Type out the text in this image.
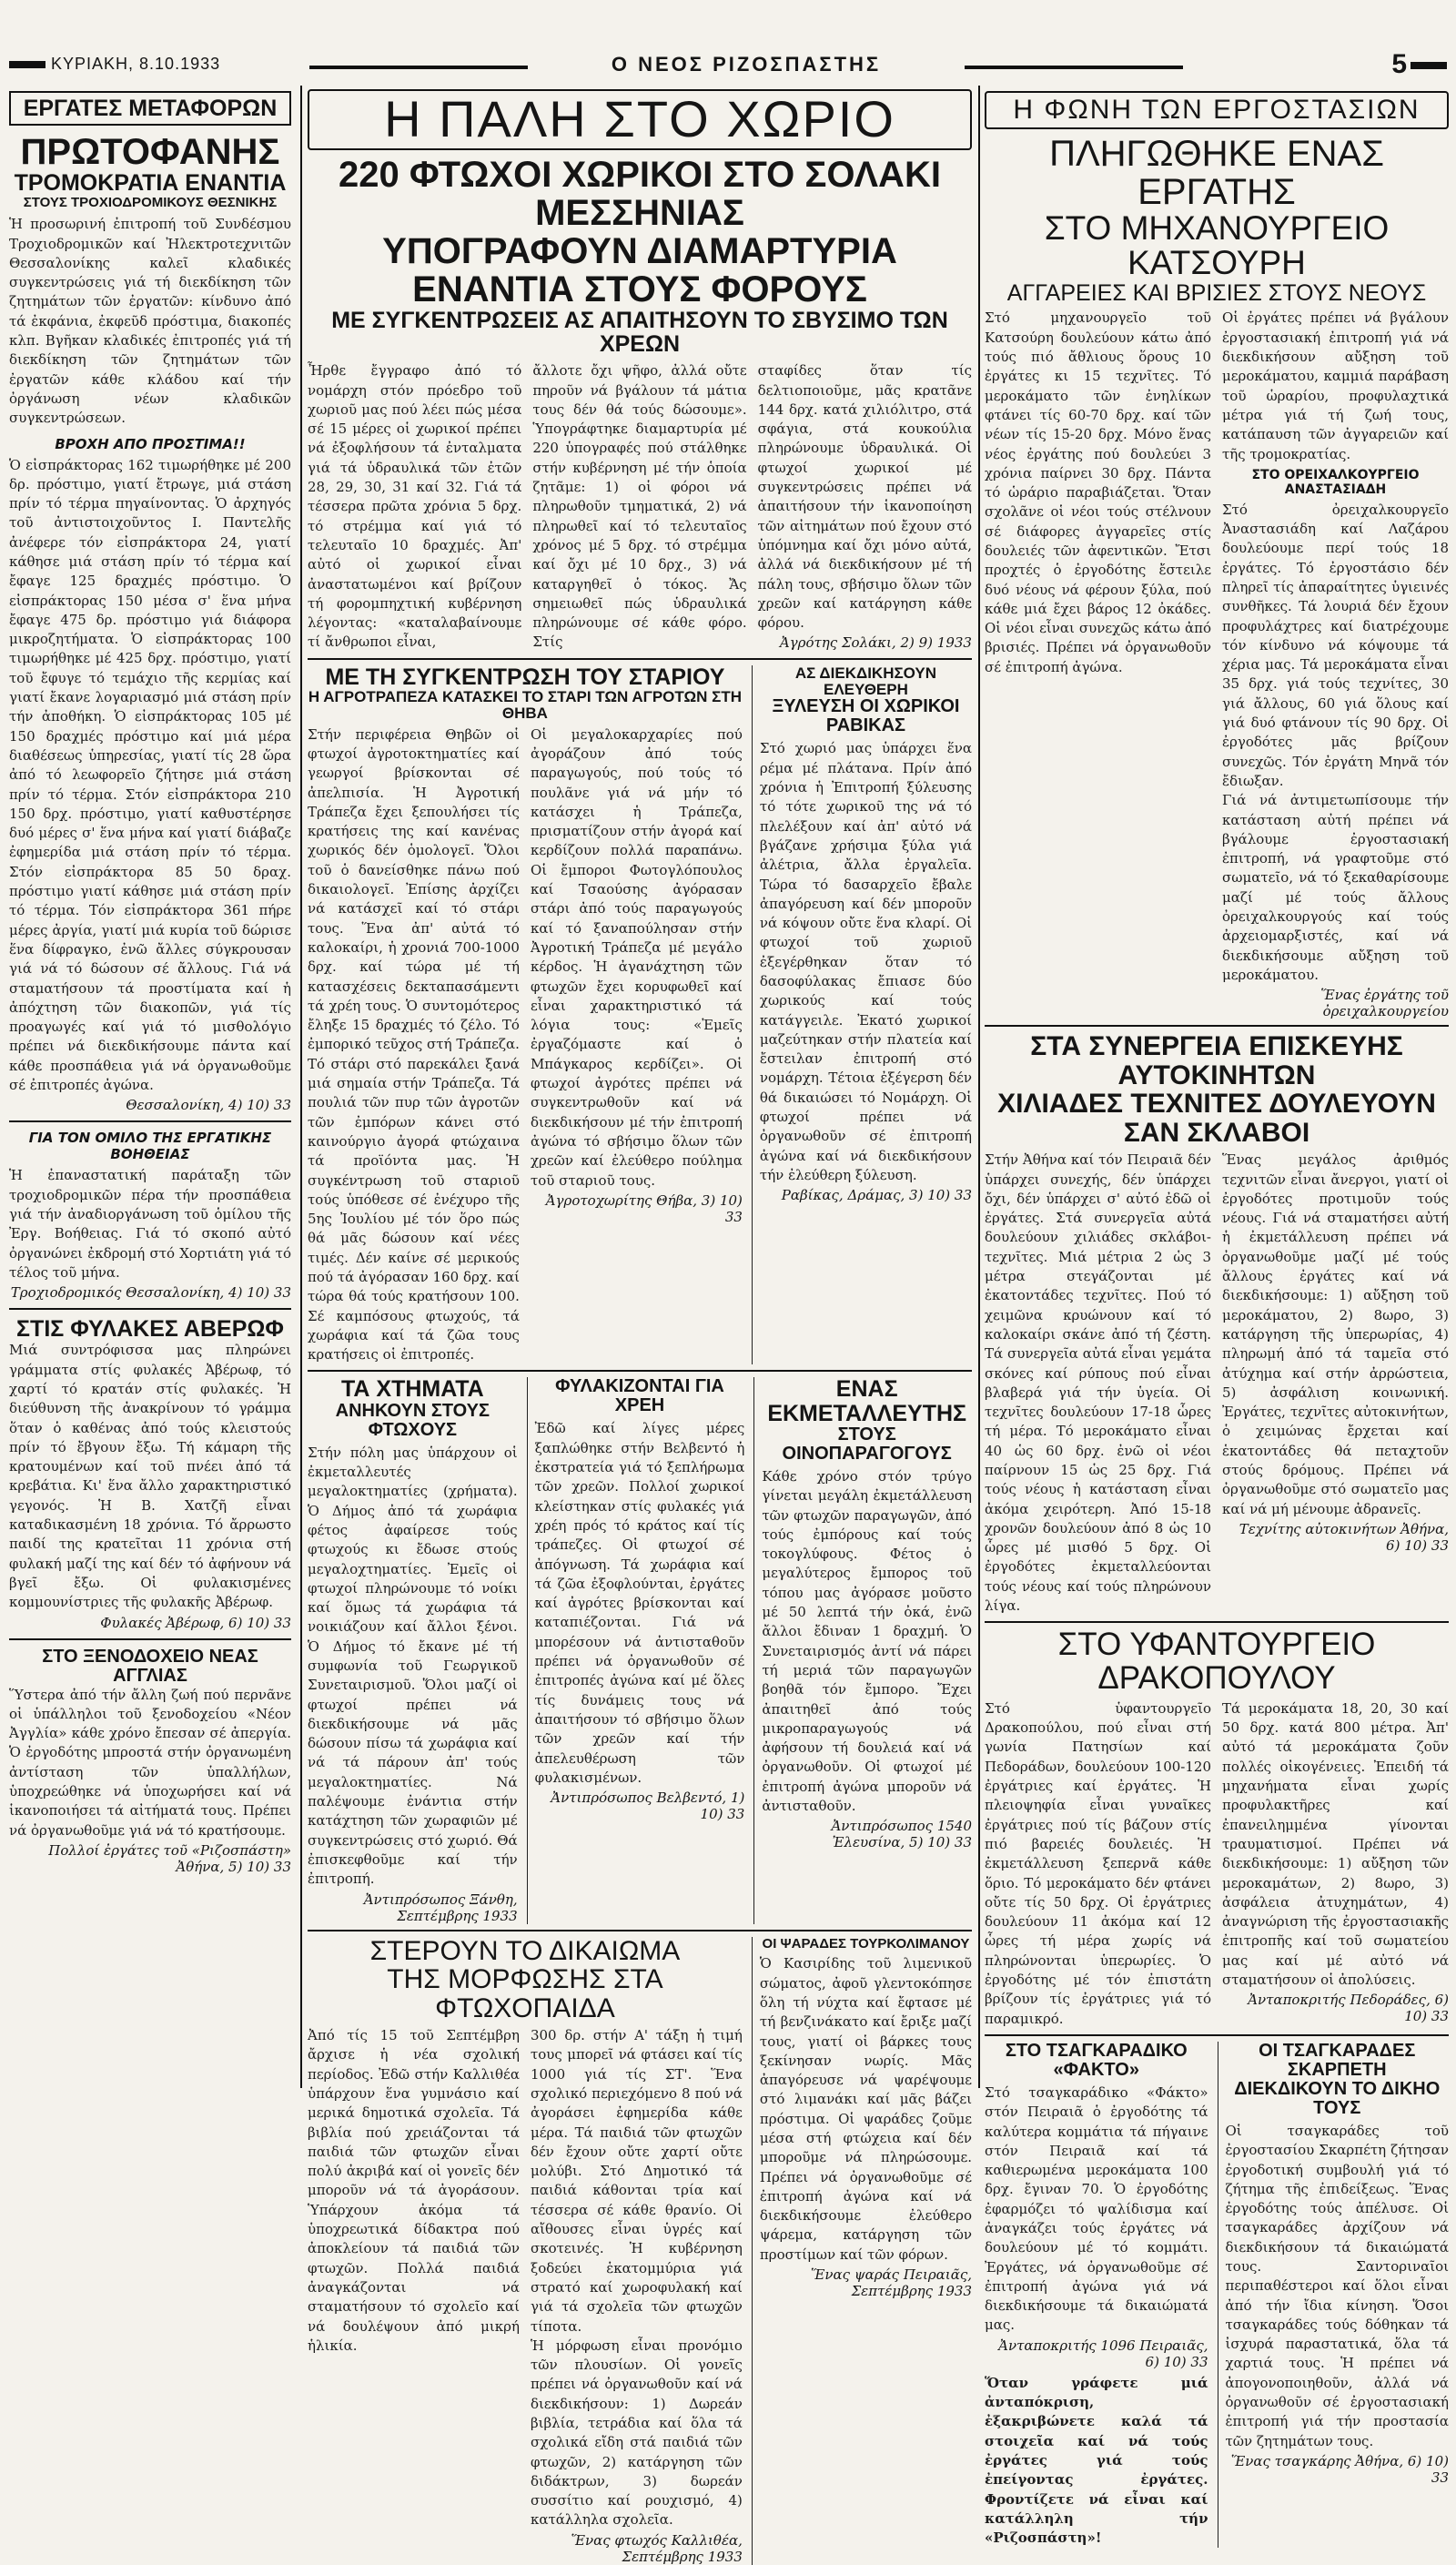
ΚΥΡΙΑΚΗ, 8.10.1933	Ο ΝΕΟΣ ΡΙΖΟΣΠΑΣΤΗΣ	5

ΕΡΓΑΤΕΣ ΜΕΤΑΦΟΡΩΝ

ΠΡΩΤΟΦΑΝΗΣ

ΤΡΟΜΟΚΡΑΤΙΑ ΕΝΑΝΤΙΑ

ΣΤΟΥΣ ΤΡΟΧΙΟΔΡΟΜΙΚΟΥΣ ΘΕΣΝΙΚΗΣ

Ἡ προσωρινή ἐπιτροπή τοῦ Συνδέσμου Τροχιοδρομικῶν καί Ἠλεκτροτεχνιτῶν Θεσσαλονίκης καλεῖ κλαδικές συγκεντρώσεις γιά τή διεκδίκηση τῶν ζητημάτων τῶν ἐργατῶν: κίνδυνο ἀπό τά ἐκφάνια, ἐκφεῦδ πρόστιμα, διακοπές κλπ. Βγῆκαν κλαδικές ἐπιτροπές γιά τή διεκδίκηση τῶν ζητημάτων τῶν ἐργατῶν κάθε κλάδου καί τήν ὀργάνωση νέων κλαδικῶν συγκεντρώσεων.

ΒΡΟΧΗ ΑΠΟ ΠΡΟΣΤΙΜΑ!!

Ὁ εἰσπράκτορας 162 τιμωρήθηκε μέ 200 δρ. πρόστιμο, γιατί ἔτρωγε, μιά στάση πρίν τό τέρμα πηγαίνοντας. Ὁ ἀρχηγός τοῦ ἀντιστοιχοῦντος Ι. Παντελῆς ἀνέφερε τόν εἰσπράκτορα 24, γιατί κάθησε μιά στάση πρίν τό τέρμα καί ἔφαγε 125 δραχμές πρόστιμο. Ὁ εἰσπράκτορας 150 μέσα σ' ἕνα μήνα ἔφαγε 475 δρ. πρόστιμο γιά διάφορα μικροζητήματα. Ὁ εἰσπράκτορας 100 τιμωρήθηκε μέ 425 δρχ. πρόστιμο, γιατί τοῦ ἔφυγε τό τεμάχιο τῆς κερμίας καί γιατί ἔκανε λογαριασμό μιά στάση πρίν τήν ἀποθήκη. Ὁ εἰσπράκτορας 105 μέ 150 δραχμές πρόστιμο καί μιά μέρα διαθέσεως ὑπηρεσίας, γιατί τίς 28 ὥρα ἀπό τό λεωφορεῖο ζήτησε μιά στάση πρίν τό τέρμα. Στόν εἰσπράκτορα 210 150 δρχ. πρόστιμο, γιατί καθυστέρησε δυό μέρες σ' ἕνα μήνα καί γιατί διάβαζε ἐφημερίδα μιά στάση πρίν τό τέρμα. Στόν εἰσπράκτορα 85 50 δραχ. πρόστιμο γιατί κάθησε μιά στάση πρίν τό τέρμα. Τόν εἰσπράκτορα 361 πήρε μέρες ἀργία, γιατί μιά κυρία τοῦ δώρισε ἕνα δίφραγκο, ἐνῶ ἄλλες σύγκρουσαν γιά νά τό δώσουν σέ ἄλλους. Γιά νά σταματήσουν τά προστίματα καί ἡ ἀπόχτηση τῶν διακοπῶν, γιά τίς προαγωγές καί γιά τό μισθολόγιο πρέπει νά διεκδικήσουμε πάντα καί κάθε προσπάθεια γιά νά ὀργανωθοῦμε σέ ἐπιτροπές ἀγώνα.

Θεσσαλονίκη, 4) 10) 33

ΓΙΑ ΤΟΝ ΟΜΙΛΟ ΤΗΣ ΕΡΓΑΤΙΚΗΣ ΒΟΗΘΕΙΑΣ

Ἡ ἐπαναστατική παράταξη τῶν τροχιοδρομικῶν πέρα τήν προσπάθεια γιά τήν ἀναδιοργάνωση τοῦ ὁμίλου τῆς Ἐργ. Βοήθειας. Γιά τό σκοπό αὐτό ὀργανώνει ἐκδρομή στό Χορτιάτη γιά τό τέλος τοῦ μήνα.

Τροχιοδρομικός Θεσσαλονίκη, 4) 10) 33

ΣΤΙΣ ΦΥΛΑΚΕΣ ΑΒΕΡΩΦ

Μιά συντρόφισσα μας πληρώνει γράμματα στίς φυλακές Ἀβέρωφ, τό χαρτί τό κρατάν στίς φυλακές. Ἡ διεύθυνση τῆς ἀνακρίνουν τό γράμμα ὅταν ὁ καθένας ἀπό τούς κλειστούς πρίν τό ἔβγουν ἔξω. Τή κάμαρη τῆς κρατουμένων καί τοῦ πνέει ἀπό τά κρεβάτια. Κι' ἕνα ἄλλο χαρακτηριστικό γεγονός. Ἡ Β. Χατζῆ εἶναι καταδικασμένη 18 χρόνια. Τό ἄρρωστο παιδί της κρατεῖται 11 χρόνια στή φυλακή μαζί της καί δέν τό ἀφήνουν νά βγεῖ ἔξω. Οἱ φυλακισμένες κομμουνίστριες τῆς φυλακῆς Ἀβέρωφ.

Φυλακές Ἀβέρωφ, 6) 10) 33

ΣΤΟ ΞΕΝΟΔΟΧΕΙΟ ΝΕΑΣ ΑΓΓΛΙΑΣ

Ὕστερα ἀπό τήν ἄλλη ζωή πού περνᾶνε οἱ ὑπάλληλοι τοῦ ξενοδοχείου «Νέον Ἀγγλία» κάθε χρόνο ἔπεσαν σέ ἀπεργία. Ὁ ἐργοδότης μπροστά στήν ὀργανωμένη ἀντίσταση τῶν ὑπαλλήλων, ὑποχρεώθηκε νά ὑποχωρήσει καί νά ἱκανοποιήσει τά αἰτήματά τους. Πρέπει νά ὀργανωθοῦμε γιά νά τό κρατήσουμε.

Πολλοί ἐργάτες τοῦ «Ριζοσπάστη» Ἀθήνα, 5) 10) 33

Η ΠΑΛΗ ΣΤΟ ΧΩΡΙΟ

220 ΦΤΩΧΟΙ ΧΩΡΙΚΟΙ ΣΤΟ ΣΟΛΑΚΙ ΜΕΣΣΗΝΙΑΣ

ΥΠΟΓΡΑΦΟΥΝ ΔΙΑΜΑΡΤΥΡΙΑ ΕΝΑΝΤΙΑ ΣΤΟΥΣ ΦΟΡΟΥΣ

ΜΕ ΣΥΓΚΕΝΤΡΩΣΕΙΣ ΑΣ ΑΠΑΙΤΗΣΟΥΝ ΤΟ ΣΒΥΣΙΜΟ ΤΩΝ ΧΡΕΩΝ

Ἦρθε ἔγγραφο ἀπό τό νομάρχη στόν πρόεδρο τοῦ χωριοῦ μας πού λέει πώς μέσα σέ 15 μέρες οἱ χωρικοί πρέπει νά ἐξοφλήσουν τά ἐνταλματα γιά τά ὑδραυλικά τῶν ἐτῶν 28, 29, 30, 31 καί 32. Γιά τά τέσσερα πρῶτα χρόνια 5 δρχ. τό στρέμμα καί γιά τό τελευταῖο 10 δραχμές. Ἀπ' αὐτό οἱ χωρικοί εἶναι ἀναστατωμένοι καί βρίζουν τή φορομπηχτική κυβέρνηση λέγοντας: «καταλαβαίνουμε τί ἄνθρωποι εἶναι,

ἄλλοτε ὄχι ψῆφο, ἀλλά οὔτε πηροῦν νά βγάλουν τά μάτια τους δέν θά τούς δώσουμε». Ὑπογράφτηκε διαμαρτυρία μέ 220 ὑπογραφές πού στάλθηκε στήν κυβέρνηση μέ τήν ὁποία ζητᾶμε: 1) οἱ φόροι νά πληρωθοῦν τμηματικά, 2) νά πληρωθεῖ καί τό τελευταῖος χρόνος μέ 5 δρχ. τό στρέμμα καί ὄχι μέ 10 δρχ., 3) νά καταργηθεῖ ὁ τόκος. Ἄς σημειωθεῖ πώς ὑδραυλικά πληρώνουμε σέ κάθε φόρο. Στίς

σταφίδες ὅταν τίς δελτιοποιοῦμε, μᾶς κρατᾶνε 144 δρχ. κατά χιλιόλιτρο, στά σφάγια, στά κουκούλια πληρώνουμε ὑδραυλικά. Οἱ φτωχοί χωρικοί μέ συγκεντρώσεις πρέπει νά ἀπαιτήσουν τήν ἱκανοποίηση τῶν αἰτημάτων πού ἔχουν στό ὑπόμνημα καί ὄχι μόνο αὐτά, ἀλλά νά διεκδικήσουν μέ τή πάλη τους, σβήσιμο ὅλων τῶν χρεῶν καί κατάργηση κάθε φόρου.

Ἀγρότης Σολάκι, 2) 9) 1933

ΜΕ ΤΗ ΣΥΓΚΕΝΤΡΩΣΗ ΤΟΥ ΣΤΑΡΙΟΥ

Η ΑΓΡΟΤΡΑΠΕΖΑ ΚΑΤΑΣΚΕΙ ΤΟ ΣΤΑΡΙ ΤΩΝ ΑΓΡΟΤΩΝ ΣΤΗ ΘΗΒΑ

Στήν περιφέρεια Θηβῶν οἱ φτωχοί ἀγροτοκτηματίες καί γεωργοί βρίσκονται σέ ἀπελπισία. Ἡ Ἀγροτική Τράπεζα ἔχει ξεπουλήσει τίς κρατήσεις της καί κανένας χωρικός δέν ὁμολογεῖ. Ὅλοι τοῦ ὁ δανείσθηκε πάνω πού δικαιολογεῖ. Ἐπίσης ἀρχίζει νά κατάσχεῖ καί τό στάρι τους. Ἕνα ἀπ' αὐτά τό καλοκαίρι, ἡ χρονιά 700-1000 δρχ. καί τώρα μέ τή κατασχέσεις δεκταπασάμεντι τά χρέη τους. Ὁ συντομότερος ἔληξε 15 δραχμές τό ζέλο. Τό ἐμπορικό τεῦχος στή Τράπεζα. Τό στάρι στό παρεκάλει ξανά μιά σημαία στήν Τράπεζα. Τά πουλιά τῶν πυρ τῶν ἀγροτῶν τῶν ἐμπόρων κάνει στό καινούργιο ἀγορά φτώχαινα τά προϊόντα μας. Ἡ συγκέντρωση τοῦ σταριοῦ τούς ὑπόθεσε σέ ἐνέχυρο τῆς 5ης Ἰουλίου μέ τόν ὅρο πώς θά μᾶς δώσουν καί νέες τιμές. Δέν καίνε σέ μερικούς πού τά ἀγόρασαν 160 δρχ. καί τώρα θά τούς κρατήσουν 100. Σέ καμπόσους φτωχούς, τά χωράφια καί τά ζῶα τους κρατήσεις οἱ ἐπιτροπές.

Οἱ μεγαλοκαρχαρίες πού ἀγοράζουν ἀπό τούς παραγωγούς, πού τούς τό πουλᾶνε γιά νά μήν τό κατάσχει ἡ Τράπεζα, πρισματίζουν στήν ἀγορά καί κερδίζουν πολλά παραπάνω. Οἱ ἔμποροι Φωτογλόπουλος καί Τσαούσης ἀγόρασαν στάρι ἀπό τούς παραγωγούς καί τό ξαναπούλησαν στήν Ἀγροτική Τράπεζα μέ μεγάλο κέρδος. Ἡ ἀγανάχτηση τῶν φτωχῶν ἔχει κορυφωθεῖ καί εἶναι χαρακτηριστικό τά λόγια τους: «Ἐμεῖς ἐργαζόμαστε καί ὁ Μπάγκαρος κερδίζει». Οἱ φτωχοί ἀγρότες πρέπει νά συγκεντρωθοῦν καί νά διεκδικήσουν μέ τήν ἐπιτροπή ἀγώνα τό σβήσιμο ὅλων τῶν χρεῶν καί ἐλεύθερο πούλημα τοῦ σταριοῦ τους.

Ἀγροτοχωρίτης Θήβα, 3) 10) 33

ΑΣ ΔΙΕΚΔΙΚΗΣΟΥΝ ΕΛΕΥΘΕΡΗ

ΞΥΛΕΥΣΗ ΟΙ ΧΩΡΙΚΟΙ ΡΑΒΙΚΑΣ

Στό χωριό μας ὑπάρχει ἕνα ρέμα μέ πλάτανα. Πρίν ἀπό χρόνια ἡ Ἐπιτροπή ξύλευσης τό τότε χωρικοῦ της νά τό πλελέξουν καί ἀπ' αὐτό νά βγάζανε χρήσιμα ξύλα γιά ἀλέτρια, ἄλλα ἐργαλεῖα. Τώρα τό δασαρχεῖο ἔβαλε ἀπαγόρευση καί δέν μποροῦν νά κόψουν οὔτε ἕνα κλαρί. Οἱ φτωχοί τοῦ χωριοῦ ἐξεγέρθηκαν ὅταν τό δασοφύλακας ἔπιασε δύο χωρικούς καί τούς κατάγγειλε. Ἐκατό χωρικοί μαζεύτηκαν στήν πλατεία καί ἔστειλαν ἐπιτροπή στό νομάρχη. Τέτοια ἐξέγερση δέν θά δικαιώσει τό Νομάρχη. Οἱ φτωχοί πρέπει νά ὀργανωθοῦν σέ ἐπιτροπή ἀγώνα καί νά διεκδικήσουν τήν ἐλεύθερη ξύλευση.

Ραβίκας, Δράμας, 3) 10) 33

ΤΑ ΧΤΗΜΑΤΑ

ΑΝΗΚΟΥΝ ΣΤΟΥΣ ΦΤΩΧΟΥΣ

Στήν πόλη μας ὑπάρχουν οἱ ἐκμεταλλευτές μεγαλοκτηματίες (χρήματα). Ὁ Δήμος ἀπό τά χωράφια φέτος ἀφαίρεσε τούς φτωχούς κι ἔδωσε στούς μεγαλοχτηματίες. Ἐμεῖς οἱ φτωχοί πληρώνουμε τό νοίκι καί ὅμως τά χωράφια τά νοικιάζουν καί ἄλλοι ξένοι. Ὁ Δήμος τό ἔκανε μέ τή συμφωνία τοῦ Γεωργικοῦ Συνεταιρισμοῦ. Ὅλοι μαζί οἱ φτωχοί πρέπει νά διεκδικήσουμε νά μᾶς δώσουν πίσω τά χωράφια καί νά τά πάρουν ἀπ' τούς μεγαλοκτηματίες. Νά παλέψουμε ἐνάντια στήν κατάχτηση τῶν χωραφιῶν μέ συγκεντρώσεις στό χωριό. Θά ἐπισκεφθοῦμε καί τήν ἐπιτροπή.

Ἀντιπρόσωπος Ξάνθη, Σεπτέμβρης 1933

ΦΥΛΑΚΙΖΟΝΤΑΙ ΓΙΑ ΧΡΕΗ

Ἐδῶ καί λίγες μέρες ξαπλώθηκε στήν Βελβεντό ἡ ἐκστρατεία γιά τό ξεπλήρωμα τῶν χρεῶν. Πολλοί χωρικοί κλείστηκαν στίς φυλακές γιά χρέη πρός τό κράτος καί τίς τράπεζες. Οἱ φτωχοί σέ ἀπόγνωση. Τά χωράφια καί τά ζῶα ἐξοφλούνται, ἐργάτες καί ἀγρότες βρίσκονται καί καταπιέζονται. Γιά νά μπορέσουν νά ἀντισταθοῦν πρέπει νά ὀργανωθοῦν σέ ἐπιτροπές ἀγώνα καί μέ ὅλες τίς δυνάμεις τους νά ἀπαιτήσουν τό σβήσιμο ὅλων τῶν χρεῶν καί τήν ἀπελευθέρωση τῶν φυλακισμένων.

Ἀντιπρόσωπος Βελβεντό, 1) 10) 33

ΕΝΑΣ ΕΚΜΕΤΑΛΛΕΥΤΗΣ

ΣΤΟΥΣ ΟΙΝΟΠΑΡΑΓΟΓΟΥΣ

Κάθε χρόνο στόν τρύγο γίνεται μεγάλη ἐκμετάλλευση τῶν φτωχῶν παραγωγῶν, ἀπό τούς ἐμπόρους καί τούς τοκογλύφους. Φέτος ὁ μεγαλύτερος ἔμπορος τοῦ τόπου μας ἀγόρασε μοῦστο μέ 50 λεπτά τήν ὀκά, ἐνῶ ἄλλοι ἔδιναν 1 δραχμή. Ὁ Συνεταιρισμός ἀντί νά πάρει τή μεριά τῶν παραγωγῶν βοηθᾶ τόν ἔμπορο. Ἔχει ἀπαιτηθεῖ ἀπό τούς μικροπαραγωγούς νά ἀφήσουν τή δουλειά καί νά ὀργανωθοῦν. Οἱ φτωχοί μέ ἐπιτροπή ἀγώνα μποροῦν νά ἀντισταθοῦν.

Ἀντιπρόσωπος 1540 Ἐλευσίνα, 5) 10) 33

ΣΤΕΡΟΥΝ ΤΟ ΔΙΚΑΙΩΜΑ

ΤΗΣ ΜΟΡΦΩΣΗΣ ΣΤΑ ΦΤΩΧΟΠΑΙΔΑ

Ἀπό τίς 15 τοῦ Σεπτέμβρη ἄρχισε ἡ νέα σχολική περίοδος. Ἐδῶ στήν Καλλιθέα ὑπάρχουν ἕνα γυμνάσιο καί μερικά δημοτικά σχολεῖα. Τά βιβλία πού χρειάζονται τά παιδιά τῶν φτωχῶν εἶναι πολύ ἀκριβά καί οἱ γονεῖς δέν μποροῦν νά τά ἀγοράσουν. Ὑπάρχουν ἀκόμα τά ὑποχρεωτικά δίδακτρα πού ἀποκλείουν τά παιδιά τῶν φτωχῶν. Πολλά παιδιά ἀναγκάζονται νά σταματήσουν τό σχολεῖο καί νά δουλέψουν ἀπό μικρή ἡλικία.

300 δρ. στήν Α' τάξη ἡ τιμή τους μπορεῖ νά φτάσει καί τίς 1000 γιά τίς ΣΤ'. Ἕνα σχολικό περιεχόμενο 8 πού νά ἀγοράσει ἐφημερίδα κάθε μέρα. Τά παιδιά τῶν φτωχῶν δέν ἔχουν οὔτε χαρτί οὔτε μολύβι. Στό Δημοτικό τά παιδιά κάθονται τρία καί τέσσερα σέ κάθε θρανίο. Οἱ αἴθουσες εἶναι ὑγρές καί σκοτεινές. Ἡ κυβέρνηση ξοδεύει ἑκατομμύρια γιά στρατό καί χωροφυλακή καί γιά τά σχολεῖα τῶν φτωχῶν τίποτα.

Ἡ μόρφωση εἶναι προνόμιο τῶν πλουσίων. Οἱ γονεῖς πρέπει νά ὀργανωθοῦν καί νά διεκδικήσουν: 1) Δωρεάν βιβλία, τετράδια καί ὅλα τά σχολικά εἴδη στά παιδιά τῶν φτωχῶν, 2) κατάργηση τῶν διδάκτρων, 3) δωρεάν συσσίτιο καί ρουχισμό, 4) κατάλληλα σχολεῖα.

Ἕνας φτωχός Καλλιθέα, Σεπτέμβρης 1933

ΟΙ ΨΑΡΑΔΕΣ ΤΟΥΡΚΟΛΙΜΑΝΟΥ

Ὁ Κασιρίδης τοῦ λιμενικοῦ σώματος, ἀφοῦ γλεντοκόπησε ὅλη τή νύχτα καί ἔφτασε μέ τή βενζινάκατο καί ἔριξε μαζί τους, γιατί οἱ βάρκες τους ξεκίνησαν νωρίς. Μᾶς ἀπαγόρευσε νά ψαρέψουμε στό λιμανάκι καί μᾶς βάζει πρόστιμα. Οἱ ψαράδες ζοῦμε μέσα στή φτώχεια καί δέν μποροῦμε νά πληρώσουμε. Πρέπει νά ὀργανωθοῦμε σέ ἐπιτροπή ἀγώνα καί νά διεκδικήσουμε ἐλεύθερο ψάρεμα, κατάργηση τῶν προστίμων καί τῶν φόρων.

Ἕνας ψαράς Πειραιᾶς, Σεπτέμβρης 1933

Η ΦΩΝΗ ΤΩΝ ΕΡΓΟΣΤΑΣΙΩΝ

ΠΛΗΓΩΘΗΚΕ ΕΝΑΣ ΕΡΓΑΤΗΣ

ΣΤΟ ΜΗΧΑΝΟΥΡΓΕΙΟ ΚΑΤΣΟΥΡΗ

ΑΓΓΑΡΕΙΕΣ ΚΑΙ ΒΡΙΣΙΕΣ ΣΤΟΥΣ ΝΕΟΥΣ

Στό μηχανουργεῖο τοῦ Κατσούρη δουλεύουν κάτω ἀπό τούς πιό ἄθλιους ὅρους 10 ἐργάτες κι 15 τεχνῖτες. Τό μεροκάματο τῶν ἐνηλίκων φτάνει τίς 60-70 δρχ. καί τῶν νέων τίς 15-20 δρχ. Μόνο ἕνας νέος ἐργάτης πού δουλεύει 3 χρόνια παίρνει 30 δρχ. Πάντα τό ὡράριο παραβιάζεται. Ὅταν σχολᾶνε οἱ νέοι τούς στέλνουν σέ διάφορες ἀγγαρεῖες στίς δουλειές τῶν ἀφεντικῶν. Ἔτσι προχτές ὁ ἐργοδότης ἔστειλε δυό νέους νά φέρουν ξύλα, πού κάθε μιά ἔχει βάρος 12 ὀκάδες. Οἱ νέοι εἶναι συνεχῶς κάτω ἀπό βρισιές. Πρέπει νά ὀργανωθοῦν σέ ἐπιτροπή ἀγώνα.

Οἱ ἐργάτες πρέπει νά βγάλουν ἐργοστασιακή ἐπιτροπή γιά νά διεκδικήσουν αὔξηση τοῦ μεροκάματου, καμμιά παράβαση τοῦ ὡραρίου, προφυλαχτικά μέτρα γιά τή ζωή τους, κατάπαυση τῶν ἀγγαρειῶν καί τῆς τρομοκρατίας.

ΣΤΟ ΟΡΕΙΧΑΛΚΟΥΡΓΕΙΟ ΑΝΑΣΤΑΣΙΑΔΗ

Στό ὀρειχαλκουργεῖο Ἀναστασιάδη καί Λαζάρου δουλεύουμε περί τούς 18 ἐργάτες. Τό ἐργοστάσιο δέν πληρεῖ τίς ἀπαραίτητες ὑγιεινές συνθῆκες. Τά λουριά δέν ἔχουν προφυλάχτρες καί διατρέχουμε τόν κίνδυνο νά κόψουμε τά χέρια μας. Τά μεροκάματα εἶναι 35 δρχ. γιά τούς τεχνίτες, 30 γιά ἄλλους, 60 γιά ὅλους καί γιά δυό φτάνουν τίς 90 δρχ. Οἱ ἐργοδότες μᾶς βρίζουν συνεχῶς. Τόν ἐργάτη Μηνᾶ τόν ἔδιωξαν.

Γιά νά ἀντιμετωπίσουμε τήν κατάσταση αὐτή πρέπει νά βγάλουμε ἐργοστασιακή ἐπιτροπή, νά γραφτοῦμε στό σωματεῖο, νά τό ξεκαθαρίσουμε μαζί μέ τούς ἄλλους ὀρειχαλκουργούς καί τούς ἀρχειομαρξιστές, καί νά διεκδικήσουμε αὔξηση τοῦ μεροκάματου.

Ἕνας ἐργάτης τοῦ ὀρειχαλκουργείου

ΣΤΑ ΣΥΝΕΡΓΕΙΑ ΕΠΙΣΚΕΥΗΣ ΑΥΤΟΚΙΝΗΤΩΝ

ΧΙΛΙΑΔΕΣ ΤΕΧΝΙΤΕΣ ΔΟΥΛΕΥΟΥΝ ΣΑΝ ΣΚΛΑΒΟΙ

Στήν Ἀθήνα καί τόν Πειραιᾶ δέν ὑπάρχει συνεχής, δέν ὑπάρχει ὄχι, δέν ὑπάρχει σ' αὐτό ἐδῶ οἱ ἐργάτες. Στά συνεργεῖα αὐτά δουλεύουν χιλιάδες σκλάβοι-τεχνῖτες. Μιά μέτρια 2 ὡς 3 μέτρα στεγάζονται μέ ἑκατοντάδες τεχνῖτες. Πού τό χειμῶνα κρυώνουν καί τό καλοκαίρι σκάνε ἀπό τή ζέστη. Τά συνεργεῖα αὐτά εἶναι γεμάτα σκόνες καί ρύπους πού εἶναι βλαβερά γιά τήν ὑγεία. Οἱ τεχνῖτες δουλεύουν 17-18 ὧρες τή μέρα. Τό μεροκάματο εἶναι 40 ὡς 60 δρχ. ἐνῶ οἱ νέοι παίρνουν 15 ὡς 25 δρχ. Γιά τούς νέους ἡ κατάσταση εἶναι ἀκόμα χειρότερη. Ἀπό 15-18 χρονῶν δουλεύουν ἀπό 8 ὡς 10 ὧρες μέ μισθό 5 δρχ. Οἱ ἐργοδότες ἐκμεταλλεύονται τούς νέους καί τούς πληρώνουν λίγα.

Ἕνας μεγάλος ἀριθμός τεχνιτῶν εἶναι ἄνεργοι, γιατί οἱ ἐργοδότες προτιμοῦν τούς νέους. Γιά νά σταματήσει αὐτή ἡ ἐκμετάλλευση πρέπει νά ὀργανωθοῦμε μαζί μέ τούς ἄλλους ἐργάτες καί νά διεκδικήσουμε: 1) αὔξηση τοῦ μεροκάματου, 2) 8ωρο, 3) κατάργηση τῆς ὑπερωρίας, 4) πληρωμή ἀπό τά ταμεῖα στό ἀτύχημα καί στήν ἀρρώστεια, 5) ἀσφάλιση κοινωνική. Ἐργάτες, τεχνῖτες αὐτοκινήτων, ὁ χειμώνας ἔρχεται καί ἑκατοντάδες θά πεταχτοῦν στούς δρόμους. Πρέπει νά ὀργανωθοῦμε στό σωματεῖο μας καί νά μή μένουμε ἀδρανεῖς.

Τεχνίτης αὐτοκινήτων Ἀθήνα, 6) 10) 33

ΣΤΟ ΥΦΑΝΤΟΥΡΓΕΙΟ ΔΡΑΚΟΠΟΥΛΟΥ

Στό ὑφαντουργεῖο Δρακοπούλου, πού εἶναι στή γωνία Πατησίων καί Πεδοράδων, δουλεύουν 100-120 ἐργάτριες καί ἐργάτες. Ἡ πλειοψηφία εἶναι γυναῖκες ἐργάτριες πού τίς βάζουν στίς πιό βαρειές δουλειές. Ἡ ἐκμετάλλευση ξεπερνᾶ κάθε ὅριο. Τό μεροκάματο δέν φτάνει οὔτε τίς 50 δρχ. Οἱ ἐργάτριες δουλεύουν 11 ἀκόμα καί 12 ὧρες τή μέρα χωρίς νά πληρώνονται ὑπερωρίες. Ὁ ἐργοδότης μέ τόν ἐπιστάτη βρίζουν τίς ἐργάτριες γιά τό παραμικρό.

Τά μεροκάματα 18, 20, 30 καί 50 δρχ. κατά 800 μέτρα. Ἀπ' αὐτό τά μεροκάματα ζοῦν πολλές οἰκογένειες. Ἐπειδή τά μηχανήματα εἶναι χωρίς προφυλακτῆρες καί ἐπανειλημμένα γίνονται τραυματισμοί. Πρέπει νά διεκδικήσουμε: 1) αὔξηση τῶν μεροκαμάτων, 2) 8ωρο, 3) ἀσφάλεια ἀτυχημάτων, 4) ἀναγνώριση τῆς ἐργοστασιακῆς ἐπιτροπῆς καί τοῦ σωματείου μας καί μέ αὐτό νά σταματήσουν οἱ ἀπολύσεις.

Ἀνταποκριτής Πεδοράδες, 6) 10) 33

ΣΤΟ ΤΣΑΓΚΑΡΑΔΙΚΟ «ΦΑΚΤΟ»

Στό τσαγκαράδικο «Φάκτο» στόν Πειραιᾶ ὁ ἐργοδότης τά καλύτερα κομμάτια τά πήγαινε στόν Πειραιᾶ καί τά καθιερωμένα μεροκάματα 100 δρχ. ἔγιναν 70. Ὁ ἐργοδότης ἐφαρμόζει τό ψαλίδισμα καί ἀναγκάζει τούς ἐργάτες νά δουλεύουν μέ τό κομμάτι. Ἐργάτες, νά ὀργανωθοῦμε σέ ἐπιτροπή ἀγώνα γιά νά διεκδικήσουμε τά δικαιώματά μας.

Ἀνταποκριτής 1096 Πειραιᾶς, 6) 10) 33

Ὅταν γράφετε μιά ἀνταπόκριση, ἐξακριβώνετε καλά τά στοιχεῖα καί νά τούς ἐργάτες γιά τούς ἐπείγοντας ἐργάτες. Φροντίζετε νά εἶναι καί κατάλληλη τήν «Ριζοσπάστη»!

ΟΙ ΤΣΑΓΚΑΡΑΔΕΣ ΣΚΑΡΠΕΤΗ

ΔΙΕΚΔΙΚΟΥΝ ΤΟ ΔΙΚΗΟ ΤΟΥΣ

Οἱ τσαγκαράδες τοῦ ἐργοστασίου Σκαρπέτη ζήτησαν ἐργοδοτική συμβουλή γιά τό ζήτημα τῆς ἐπιδείξεως. Ἕνας ἐργοδότης τούς ἀπέλυσε. Οἱ τσαγκαράδες ἀρχίζουν νά διεκδικήσουν τά δικαιώματά τους. Σαντοριναῖοι περιπαθέστεροι καί ὅλοι εἶναι ἀπό τήν ἴδια κίνηση. Ὅσοι τσαγκαράδες τούς δόθηκαν τά ἰσχυρά παραστατικά, ὅλα τά χαρτιά τους. Ἡ πρέπει νά ἀπογονοποιηθοῦν, ἀλλά νά ὀργανωθοῦν σέ ἐργοστασιακή ἐπιτροπή γιά τήν προστασία τῶν ζητημάτων τους.

Ἕνας τσαγκάρης Ἀθήνα, 6) 10) 33
